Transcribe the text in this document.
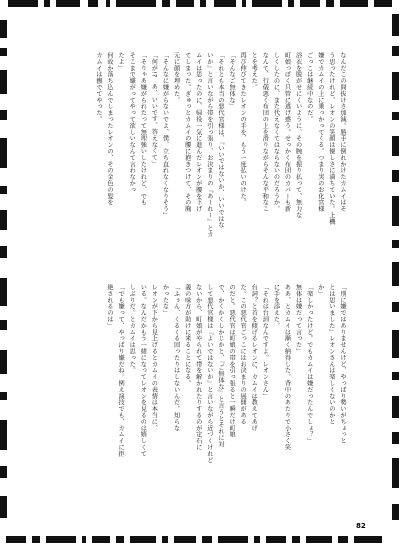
なんだこの間抜けさ加減。勝手に倒れかけたカムイはそ

う思ったけれど、レオンの笑顔は優しさに満ちていた。上機

嫌でカムイの上に乗っかってくる。つまり実のお化官様

ごっこは継続中なのだ。

浴衣を脱がせにくいように、その腕を振り払って、無力な

町娘っぽく只管に逃げ惑う。せっかく布団のカバーも新

しくしたのに、また代えなくてはならないのだろうか。

なんて、行儀悪く布団の上を滑りながらそんな平和なこ

とを考えた。

再び伸びてきたレオンの手を、もう一度払いのけた。

「そんなご無体な」

「それとも本当の悪代官様は、『いいではないか、いいではな

いか』と言いながら帯を引っ張り、お決まりの『あーれー』とカ

ムイは思ったのに、帰役一気に進んだレオンが腰を下げ

てしまった。ぎゅっとカムイの腰に抱きつけて、その胸

元に顔を埋めた。

「そんなに嫌がらないでよ、僕、立ち直れなくなりそう」

「何が!?　あ、いいです。答えなくて」

「そりゃあ嫌がられたって無理強いしたけれど、でも

そこまで嫌がってやって欲しいなんて言わなかっ

たよ」

何故か落ち込んでしまったレオンの、その金色の髪を

カムイは撫でてやった。

「別に嫌ではありませんけど、やっぱり勢いがちょっと

とは思いました」レオンさんは楽しくないのかと

か」

「楽しかったけど。でもカムイは嫌だったんでしょ？」

無体は嫌だって言った」

ああ、とカムイは漸く納得した。背中のあたりで小さく笑

に手を添えた。

「それは台詞なんですよ。レオンさん」

台詞？と首を傾げるレオンに、カムイは教えてあげ

た。この悪代官ごっこにはお決まりの展開がある

のだと。悪代官は町娘の帯を引っ張ると一瞬だけ町娘

で、かくかくしかじかと、『ご無体な』と言うとそれに対

して悪代官様は『よいではないか』と言いながら近づくけれど

ないから、町娘がやられて帯を解かれたりするのが定石に

義の味方が助けに来ることになる。

「ふぅん、くるくる回ったりはしないんだ。知らな

かったな」

レオンが下から見上げるとカムイの表情は本当に、

いる。なんだかもう一緒になってレオンを見るのは嬉しくて

しぶりだ。とカムイは思った。

「でも嫌って、やっぱり嫌だね。例え演技でも、カムイに拒

絶されるのは」

82
